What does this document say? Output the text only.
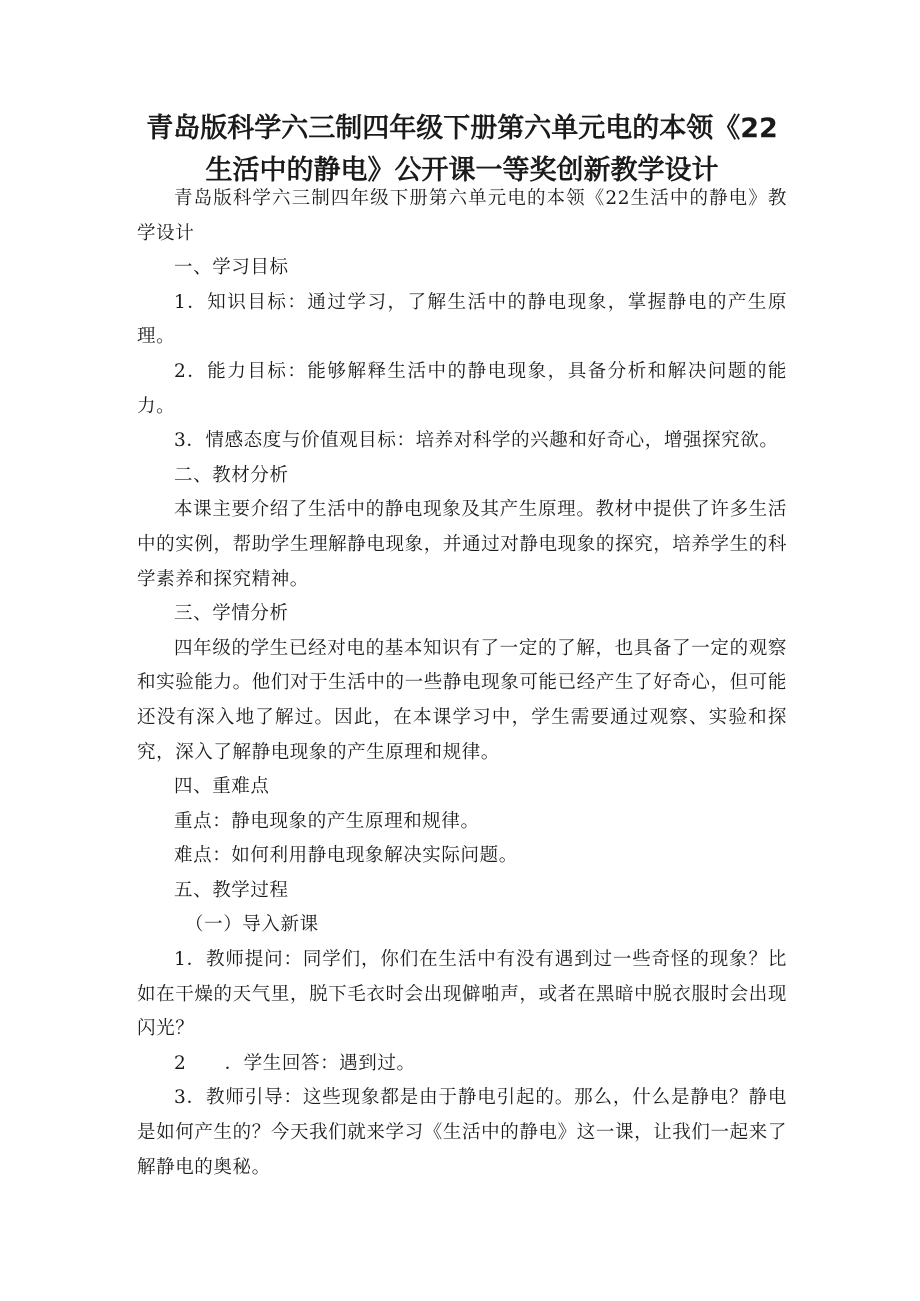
青岛版科学六三制四年级下册第六单元电的本领《22生活中的静电》公开课一等奖创新教学设计

青岛版科学六三制四年级下册第六单元电的本领《22生活中的静电》教学设计

一、学习目标

1．知识目标：通过学习，了解生活中的静电现象，掌握静电的产生原理。

2．能力目标：能够解释生活中的静电现象，具备分析和解决问题的能力。

3．情感态度与价值观目标：培养对科学的兴趣和好奇心，增强探究欲。

二、教材分析

本课主要介绍了生活中的静电现象及其产生原理。教材中提供了许多生活中的实例，帮助学生理解静电现象，并通过对静电现象的探究，培养学生的科学素养和探究精神。

三、学情分析

四年级的学生已经对电的基本知识有了一定的了解，也具备了一定的观察和实验能力。他们对于生活中的一些静电现象可能已经产生了好奇心，但可能还没有深入地了解过。因此，在本课学习中，学生需要通过观察、实验和探究，深入了解静电现象的产生原理和规律。

四、重难点

重点：静电现象的产生原理和规律。

难点：如何利用静电现象解决实际问题。

五、教学过程

（一）导入新课

1．教师提问：同学们，你们在生活中有没有遇到过一些奇怪的现象？比如在干燥的天气里，脱下毛衣时会出现僻啪声，或者在黑暗中脱衣服时会出现闪光？

2　　．学生回答：遇到过。

3．教师引导：这些现象都是由于静电引起的。那么，什么是静电？静电是如何产生的？今天我们就来学习《生活中的静电》这一课，让我们一起来了解静电的奥秘。
